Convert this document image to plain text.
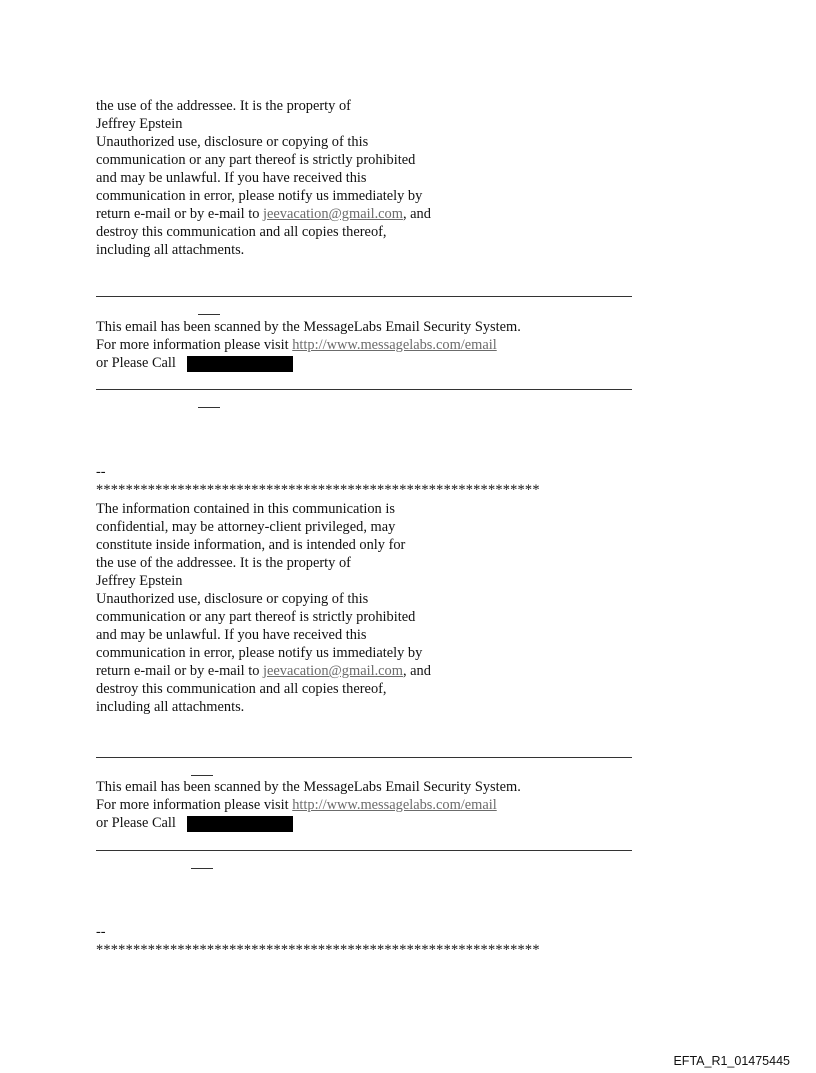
the use of the addressee. It is the property of
Jeffrey Epstein
Unauthorized use, disclosure or copying of this
communication or any part thereof is strictly prohibited
and may be unlawful. If you have received this
communication in error, please notify us immediately by
return e-mail or by e-mail to jeevacation@gmail.com, and
destroy this communication and all copies thereof,
including all attachments.
This email has been scanned by the MessageLabs Email Security System.
For more information please visit http://www.messagelabs.com/email
or Please Call
--
************************************************************
The information contained in this communication is
confidential, may be attorney-client privileged, may
constitute inside information, and is intended only for
the use of the addressee. It is the property of
Jeffrey Epstein
Unauthorized use, disclosure or copying of this
communication or any part thereof is strictly prohibited
and may be unlawful. If you have received this
communication in error, please notify us immediately by
return e-mail or by e-mail to jeevacation@gmail.com, and
destroy this communication and all copies thereof,
including all attachments.
This email has been scanned by the MessageLabs Email Security System.
For more information please visit http://www.messagelabs.com/email
or Please Call
--
************************************************************
EFTA_R1_01475445
